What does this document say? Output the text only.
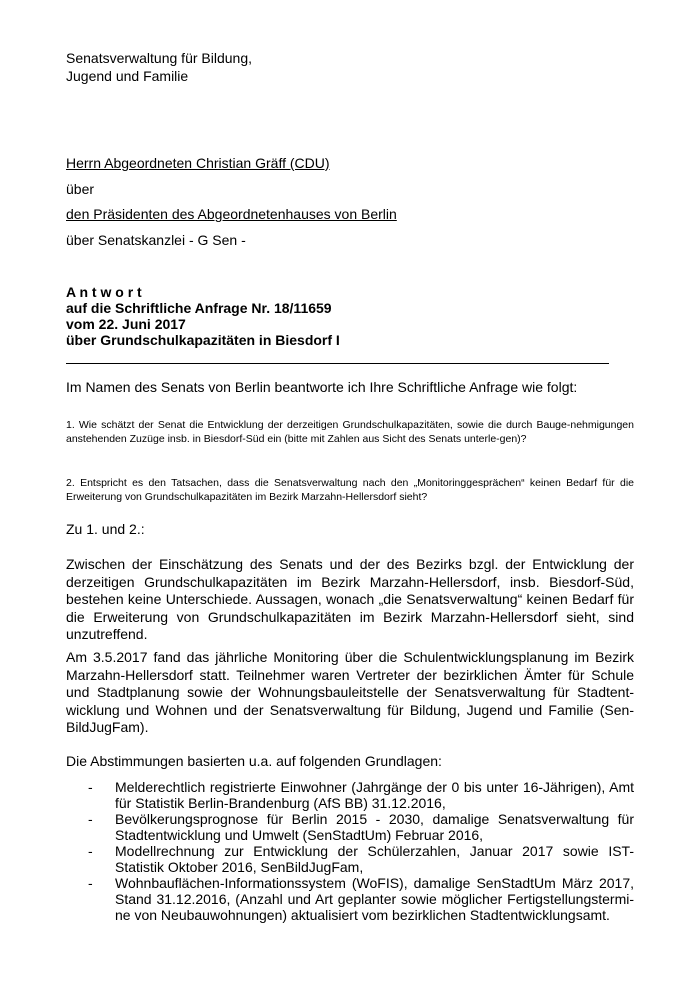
Senatsverwaltung für Bildung,
Jugend und Familie
Herrn Abgeordneten Christian Gräff (CDU)
über
den Präsidenten des Abgeordnetenhauses von Berlin
über Senatskanzlei - G Sen -
A n t w o r t
auf die Schriftliche Anfrage Nr. 18/11659
vom 22. Juni 2017
über Grundschulkapazitäten in Biesdorf I
Im Namen des Senats von Berlin beantworte ich Ihre Schriftliche Anfrage wie folgt:
1. Wie schätzt der Senat die Entwicklung der derzeitigen Grundschulkapazitäten, sowie die durch Bauge-nehmigungen anstehenden Zuzüge insb. in Biesdorf-Süd ein (bitte mit Zahlen aus Sicht des Senats unterle-gen)?
2. Entspricht es den Tatsachen, dass die Senatsverwaltung nach den „Monitoringgesprächen“ keinen Bedarf für die Erweiterung von Grundschulkapazitäten im Bezirk Marzahn-Hellersdorf sieht?
Zu 1. und 2.:
Zwischen der Einschätzung des Senats und der des Bezirks bzgl. der Entwicklung der derzeitigen Grundschulkapazitäten im Bezirk Marzahn-Hellersdorf, insb. Biesdorf-Süd, bestehen keine Unterschiede. Aussagen, wonach „die Senatsverwaltung“ keinen Bedarf für die Erweiterung von Grundschulkapazitäten im Bezirk Marzahn-Hellersdorf sieht, sind unzutreffend.
Am 3.5.2017 fand das jährliche Monitoring über die Schulentwicklungsplanung im Bezirk Marzahn-Hellersdorf statt. Teilnehmer waren Vertreter der bezirklichen Ämter für Schule und Stadtplanung sowie der Wohnungsbauleitstelle der Senatsverwaltung für Stadtent-wicklung und Wohnen und der Senatsverwaltung für Bildung, Jugend und Familie (Sen-BildJugFam).
Die Abstimmungen basierten u.a. auf folgenden Grundlagen:
- Melderechtlich registrierte Einwohner (Jahrgänge der 0 bis unter 16-Jährigen), Amt für Statistik Berlin-Brandenburg (AfS BB) 31.12.2016,
- Bevölkerungsprognose für Berlin 2015 - 2030, damalige Senatsverwaltung für Stadtentwicklung und Umwelt (SenStadtUm) Februar 2016,
- Modellrechnung zur Entwicklung der Schülerzahlen, Januar 2017 sowie IST-Statistik Oktober 2016, SenBildJugFam,
- Wohnbauflächen-Informationssystem (WoFIS), damalige SenStadtUm März 2017, Stand 31.12.2016, (Anzahl und Art geplanter sowie möglicher Fertigstellungstermi-ne von Neubauwohnungen) aktualisiert vom bezirklichen Stadtentwicklungsamt.
